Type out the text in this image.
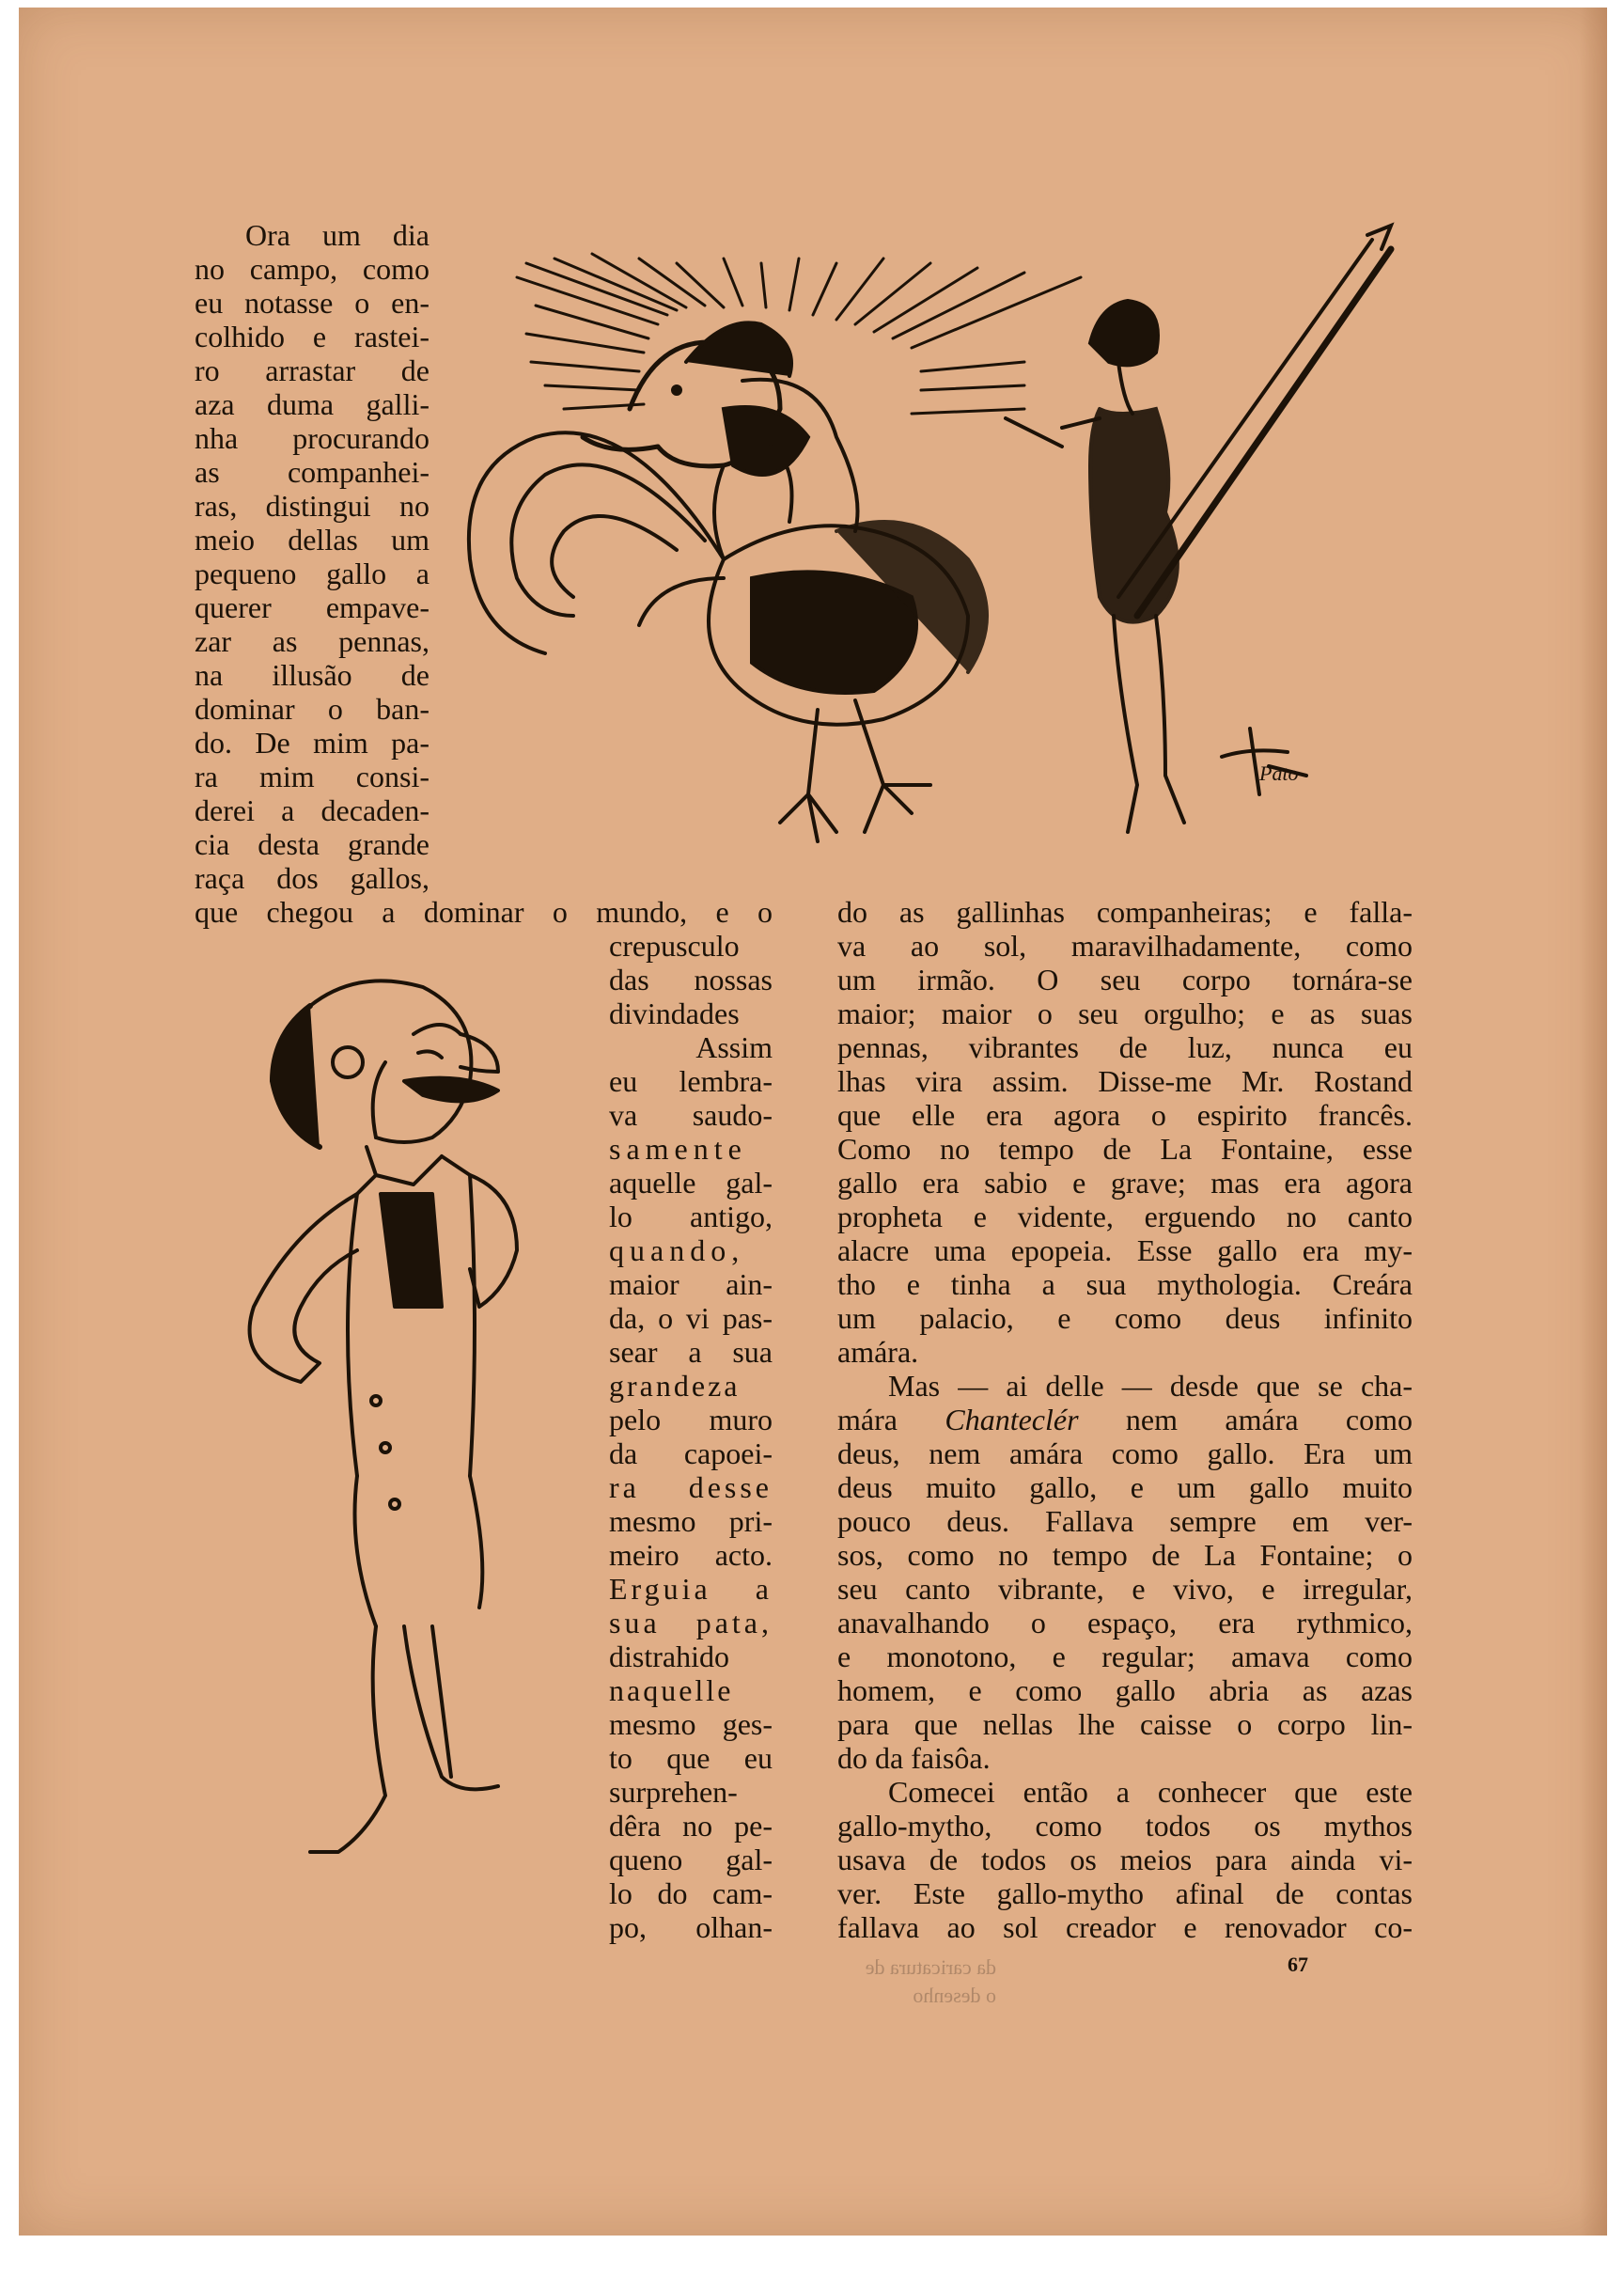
Pato
Ora um dia
no campo, como
eu notasse o en-
colhido e rastei-
ro arrastar de
aza duma galli-
nha procurando
as companhei-
ras, distingui no
meio dellas um
pequeno gallo a
querer empave-
zar as pennas,
na illusão de
dominar o ban-
do. De mim pa-
ra mim consi-
derei a decaden-
cia desta grande
raça dos gallos,
que chegou a dominar o mundo, e o
crepusculo
das nossas
divindades
Assim
eu lembra-
va saudo-
samente
aquelle gal-
lo antigo,
quando,
maior ain-
da, o vi pas-
sear a sua
grandeza
pelo muro
da capoei-
ra desse
mesmo pri-
meiro acto.
Erguia a
sua pata,
distrahido
naquelle
mesmo ges-
to que eu
surprehen-
dêra no pe-
queno gal-
lo do cam-
po, olhan-
do as gallinhas companheiras; e falla-
va ao sol, maravilhadamente, como
um irmão. O seu corpo tornára-se
maior; maior o seu orgulho; e as suas
pennas, vibrantes de luz, nunca eu
lhas vira assim. Disse-me Mr. Rostand
que elle era agora o espirito francês.
Como no tempo de La Fontaine, esse
gallo era sabio e grave; mas era agora
propheta e vidente, erguendo no canto
alacre uma epopeia. Esse gallo era my-
tho e tinha a sua mythologia. Creára
um palacio, e como deus infinito
amára.
Mas — ai delle — desde que se cha-
mára Chanteclér nem amára como
deus, nem amára como gallo. Era um
deus muito gallo, e um gallo muito
pouco deus. Fallava sempre em ver-
sos, como no tempo de La Fontaine; o
seu canto vibrante, e vivo, e irregular,
anavalhando o espaço, era rythmico,
e monotono, e regular; amava como
homem, e como gallo abria as azas
para que nellas lhe caisse o corpo lin-
do da faisôa.
Comecei então a conhecer que este
gallo-mytho, como todos os mythos
usava de todos os meios para ainda vi-
ver. Este gallo-mytho afinal de contas
fallava ao sol creador e renovador co-
da caricatura de
o desenho
67
